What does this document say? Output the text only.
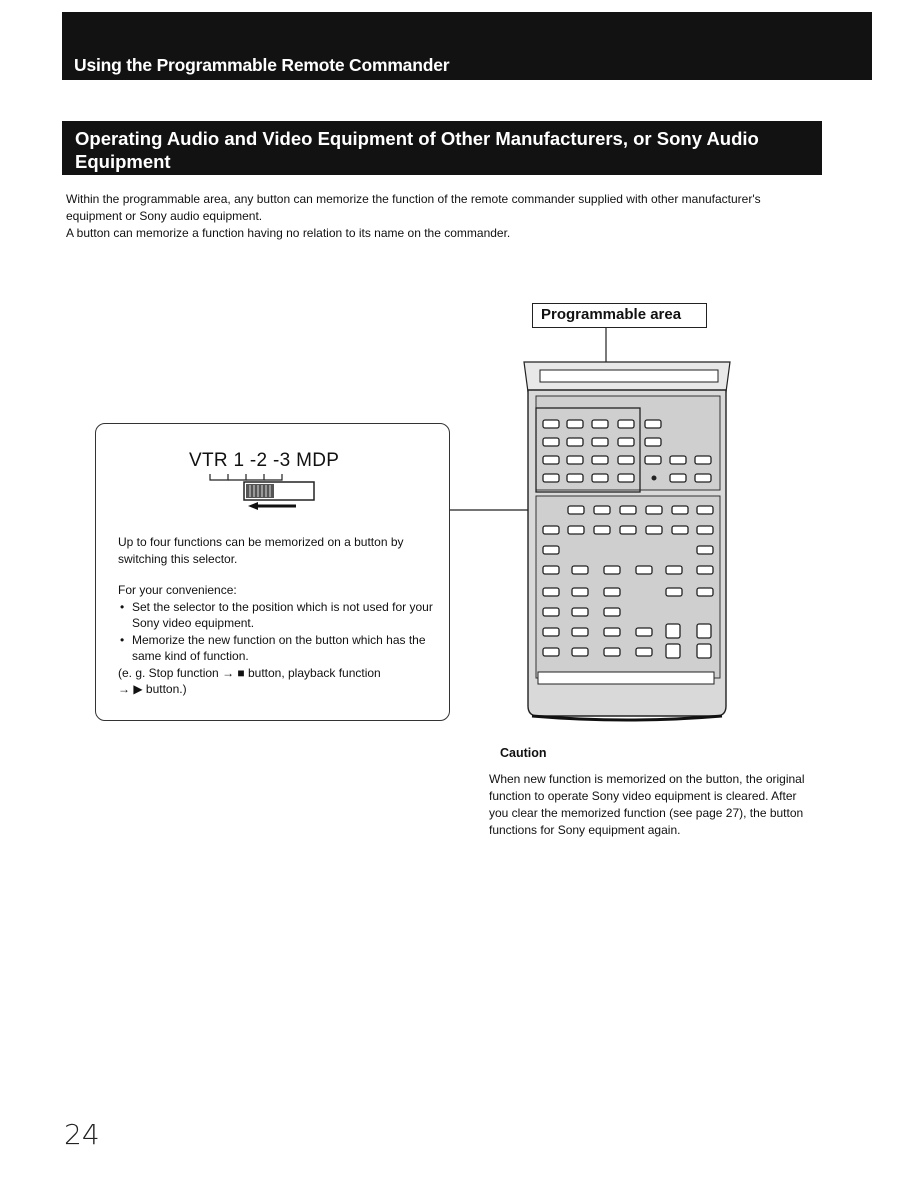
Using the Programmable Remote Commander
Operating Audio and Video Equipment of Other Manufacturers, or Sony Audio Equipment

Within the programmable area, any button can memorize the function of the remote commander supplied with other manufacturer's equipment or Sony audio equipment.

A button can memorize a function having no relation to its name on the commander.

Programmable area
VTR 1 -2 -3 MDP

Up to four functions can be memorized on a button by switching this selector.

For your convenience:

• Set the selector to the position which is not used for your Sony video equipment.
• Memorize the new function on the button which has the same kind of function.

(e. g. Stop function → ■ button, playback function

→ ▶ button.)

Caution
When new function is memorized on the button, the original function to operate Sony video equipment is cleared. After you clear the memorized function (see page 27), the button functions for Sony equipment again.
24
